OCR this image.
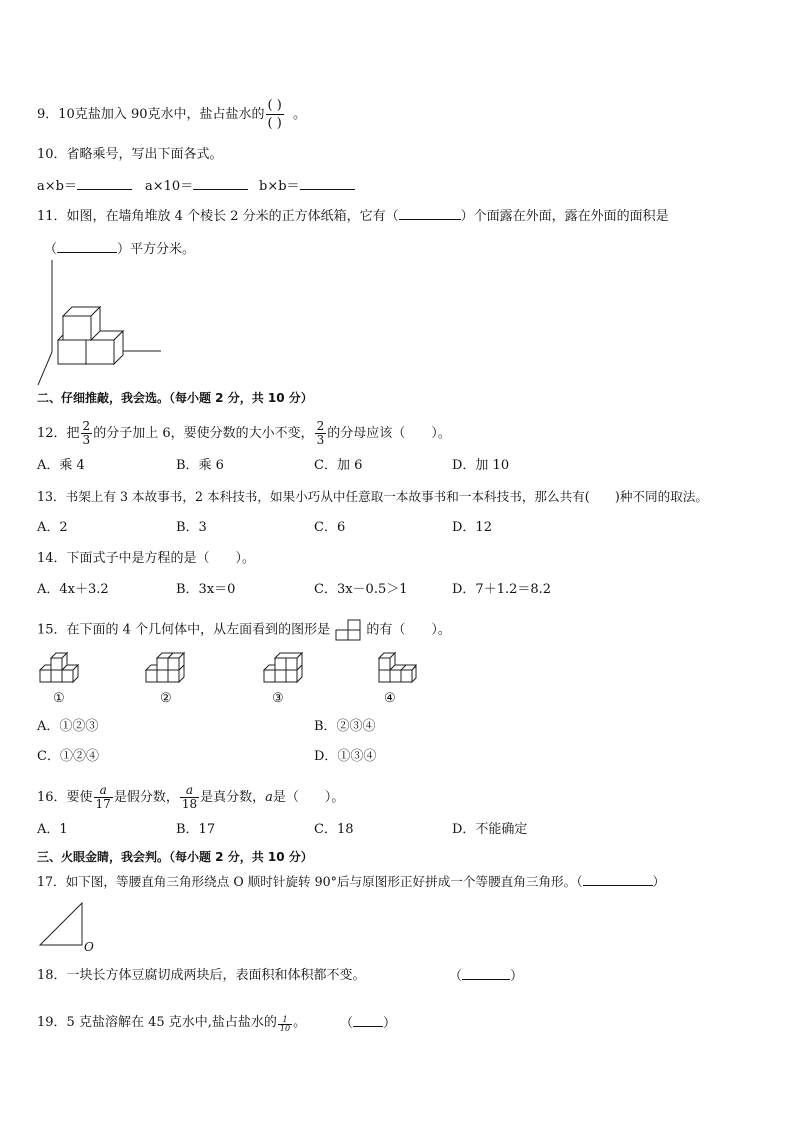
9．10克盐加入 90克水中，盐占盐水的 $\frac{( )}{( )}$ 。
10．省略乘号，写出下面各式。
a×b＝	a×10＝	b×b＝
11．如图，在墙角堆放 4 个棱长 2 分米的正方体纸箱，它有（	）个面露在外面，露在外面的面积是
（	）平方分米。
二、仔细推敲，我会选。（每小题 2 分，共 10 分）
12．把 $\frac{2}{3}$ 的分子加上 6，要使分数的大小不变， $\frac{2}{3}$ 的分母应该（　　）。
A．乘 4	B．乘 6	C．加 6	D．加 10
13．书架上有 3 本故事书，2 本科技书，如果小巧从中任意取一本故事书和一本科技书，那么共有(　　)种不同的取法。
A．2	B．3	C．6	D．12
14．下面式子中是方程的是（　　）。
A．4x＋3.2	B．3x＝0	C．3x－0.5＞1	D．7＋1.2＝8.2
15．在下面的 4 个几何体中，从左面看到的图形是	的有（　　）。
①	②	③	④
A．①②③	B．②③④
C．①②④	D．①③④
16．要使 $\frac{a}{17}$ 是假分数， $\frac{a}{18}$ 是真分数，a是（　　）。
A．1	B．17	C．18	D．不能确定
三、火眼金睛，我会判。（每小题 2 分，共 10 分）
17．如下图，等腰直角三角形绕点 O 顺时针旋转 90°后与原图形正好拼成一个等腰直角三角形。（	）
O
18．一块长方体豆腐切成两块后，表面积和体积都不变。	（	）
19．5 克盐溶解在 45 克水中,盐占盐水的 $\frac{1}{10}$ 。	（ ）
